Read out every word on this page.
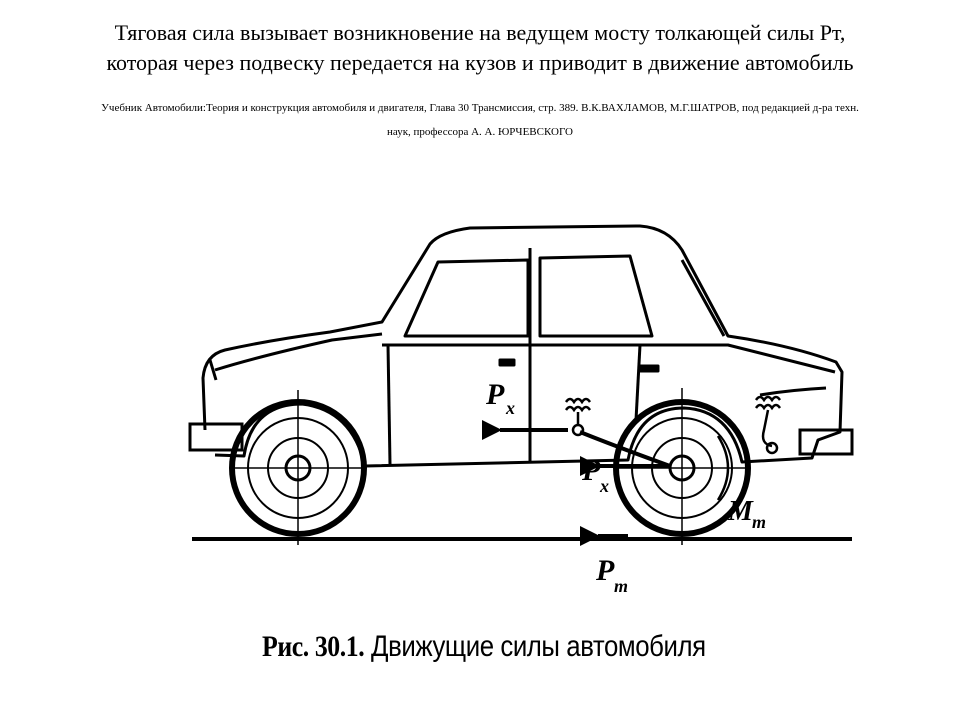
Тяговая сила вызывает возникновение на ведущем мосту толкающей силы Рт,
которая через подвеску передается на кузов и приводит в движение автомобиль
Учебник Автомобили:Теория и конструкция автомобиля и двигателя, Глава 30 Трансмиссия, стр. 389. В.К.ВАХЛАМОВ, М.Г.ШАТРОВ, под редакцией д-ра техн.
наук, профессора А. А. ЮРЧЕВСКОГО
P x
P x
M т
P т
Рис. 30.1. Движущие силы автомобиля
